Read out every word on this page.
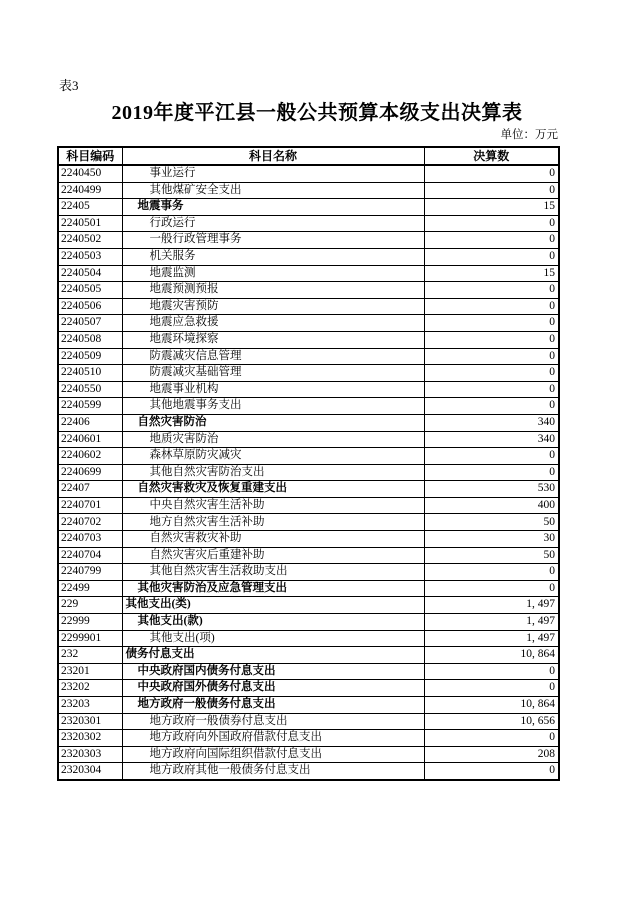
表3
2019年度平江县一般公共预算本级支出决算表
单位：万元
科目编码	科目名称	决算数
2240450	事业运行	0
2240499	其他煤矿安全支出	0
22405	地震事务	15
2240501	行政运行	0
2240502	一般行政管理事务	0
2240503	机关服务	0
2240504	地震监测	15
2240505	地震预测预报	0
2240506	地震灾害预防	0
2240507	地震应急救援	0
2240508	地震环境探察	0
2240509	防震减灾信息管理	0
2240510	防震减灾基础管理	0
2240550	地震事业机构	0
2240599	其他地震事务支出	0
22406	自然灾害防治	340
2240601	地质灾害防治	340
2240602	森林草原防灾减灾	0
2240699	其他自然灾害防治支出	0
22407	自然灾害救灾及恢复重建支出	530
2240701	中央自然灾害生活补助	400
2240702	地方自然灾害生活补助	50
2240703	自然灾害救灾补助	30
2240704	自然灾害灾后重建补助	50
2240799	其他自然灾害生活救助支出	0
22499	其他灾害防治及应急管理支出	0
229	其他支出(类)	1, 497
22999	其他支出(款)	1, 497
2299901	其他支出(项)	1, 497
232	债务付息支出	10, 864
23201	中央政府国内债务付息支出	0
23202	中央政府国外债务付息支出	0
23203	地方政府一般债务付息支出	10, 864
2320301	地方政府一般债券付息支出	10, 656
2320302	地方政府向外国政府借款付息支出	0
2320303	地方政府向国际组织借款付息支出	208
2320304	地方政府其他一般债务付息支出	0
